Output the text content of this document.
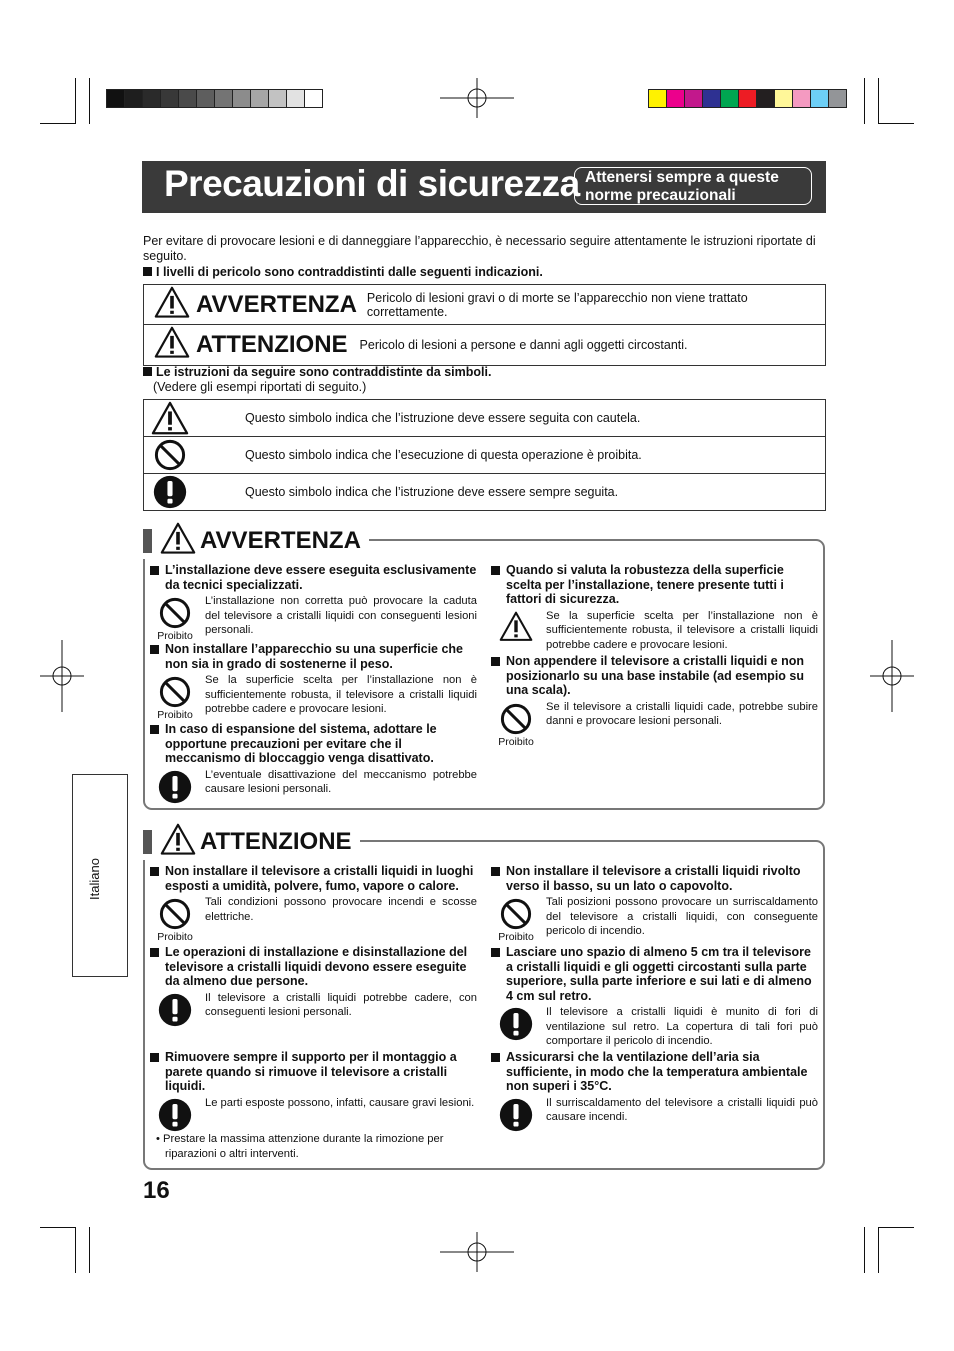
Precauzioni di sicurezza Attenersi sempre a queste norme precauzionali
Per evitare di provocare lesioni e di danneggiare l’apparecchio, è necessario seguire attentamente le istruzioni riportate di seguito.
I livelli di pericolo sono contraddistinti dalle seguenti indicazioni.
AVVERTENZA Pericolo di lesioni gravi o di morte se l’apparecchio non viene trattato correttamente.

ATTENZIONE Pericolo di lesioni a persone e danni agli oggetti circostanti.
Le istruzioni da seguire sono contraddistinte da simboli.
(Vedere gli esempi riportati di seguito.)
Questo simbolo indica che l’istruzione deve essere seguita con cautela.

Questo simbolo indica che l’esecuzione di questa operazione è proibita.

Questo simbolo indica che l’istruzione deve essere sempre seguita.
AVVERTENZA
L’installazione deve essere eseguita esclusivamente da tecnici specializzati.
Proibito
L’installazione non corretta può provocare la caduta del televisore a cristalli liquidi con conseguenti lesioni personali.
Non installare l’apparecchio su una superficie che non sia in grado di sostenerne il peso.
Proibito
Se la superficie scelta per l’installazione non è sufficientemente robusta, il televisore a cristalli liquidi potrebbe cadere e provocare lesioni.
In caso di espansione del sistema, adottare le opportune precauzioni per evitare che il meccanismo di bloccaggio venga disattivato.
L’eventuale disattivazione del meccanismo potrebbe causare lesioni personali.
Quando si valuta la robustezza della superficie scelta per l’installazione, tenere presente tutti i fattori di sicurezza.
Se la superficie scelta per l’installazione non è sufficientemente robusta, il televisore a cristalli liquidi potrebbe cadere e provocare lesioni.
Non appendere il televisore a cristalli liquidi e non posizionarlo su una base instabile (ad esempio su una scala).
Proibito
Se il televisore a cristalli liquidi cade, potrebbe subire danni e provocare lesioni personali.
ATTENZIONE
Non installare il televisore a cristalli liquidi in luoghi esposti a umidità, polvere, fumo, vapore o calore.
Proibito
Tali condizioni possono provocare incendi e scosse elettriche.
Le operazioni di installazione e disinstallazione del televisore a cristalli liquidi devono essere eseguite da almeno due persone.
Il televisore a cristalli liquidi potrebbe cadere, con conseguenti lesioni personali.
Rimuovere sempre il supporto per il montaggio a parete quando si rimuove il televisore a cristalli liquidi.
Le parti esposte possono, infatti, causare gravi lesioni.
• Prestare la massima attenzione durante la rimozione per riparazioni o altri interventi.
Non installare il televisore a cristalli liquidi rivolto verso il basso, su un lato o capovolto.
Proibito
Tali posizioni possono provocare un surriscaldamento del televisore a cristalli liquidi, con conseguente pericolo di incendio.
Lasciare uno spazio di almeno 5 cm tra il televisore a cristalli liquidi e gli oggetti circostanti sulla parte superiore, sulla parte inferiore e sui lati e di almeno 4 cm sul retro.
Il televisore a cristalli liquidi è munito di fori di ventilazione sul retro. La copertura di tali fori può comportare il pericolo di incendio.
Assicurarsi che la ventilazione dell’aria sia sufficiente, in modo che la temperatura ambientale non superi i 35°C.
Il surriscaldamento del televisore a cristalli liquidi può causare incendi.
Italiano
16
